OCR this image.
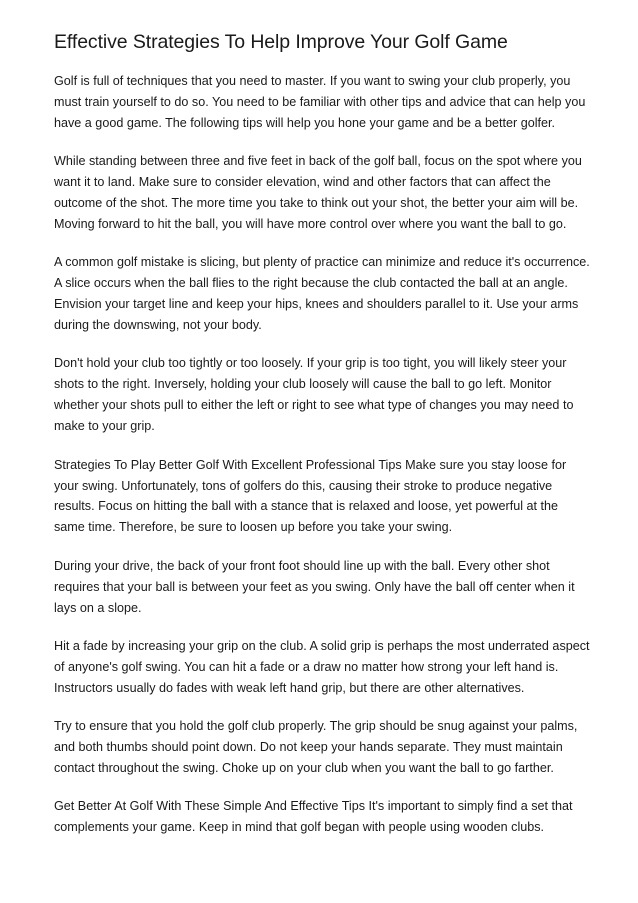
Effective Strategies To Help Improve Your Golf Game

Golf is full of techniques that you need to master. If you want to swing your club properly, you must train yourself to do so. You need to be familiar with other tips and advice that can help you have a good game. The following tips will help you hone your game and be a better golfer.

While standing between three and five feet in back of the golf ball, focus on the spot where you want it to land. Make sure to consider elevation, wind and other factors that can affect the outcome of the shot. The more time you take to think out your shot, the better your aim will be. Moving forward to hit the ball, you will have more control over where you want the ball to go.

A common golf mistake is slicing, but plenty of practice can minimize and reduce it's occurrence. A slice occurs when the ball flies to the right because the club contacted the ball at an angle. Envision your target line and keep your hips, knees and shoulders parallel to it. Use your arms during the downswing, not your body.

Don't hold your club too tightly or too loosely. If your grip is too tight, you will likely steer your shots to the right. Inversely, holding your club loosely will cause the ball to go left. Monitor whether your shots pull to either the left or right to see what type of changes you may need to make to your grip.

Strategies To Play Better Golf With Excellent Professional Tips Make sure you stay loose for your swing. Unfortunately, tons of golfers do this, causing their stroke to produce negative results. Focus on hitting the ball with a stance that is relaxed and loose, yet powerful at the same time. Therefore, be sure to loosen up before you take your swing.

During your drive, the back of your front foot should line up with the ball. Every other shot requires that your ball is between your feet as you swing. Only have the ball off center when it lays on a slope.

Hit a fade by increasing your grip on the club. A solid grip is perhaps the most underrated aspect of anyone's golf swing. You can hit a fade or a draw no matter how strong your left hand is. Instructors usually do fades with weak left hand grip, but there are other alternatives.

Try to ensure that you hold the golf club properly. The grip should be snug against your palms, and both thumbs should point down. Do not keep your hands separate. They must maintain contact throughout the swing. Choke up on your club when you want the ball to go farther.

Get Better At Golf With These Simple And Effective Tips It's important to simply find a set that complements your game. Keep in mind that golf began with people using wooden clubs.
